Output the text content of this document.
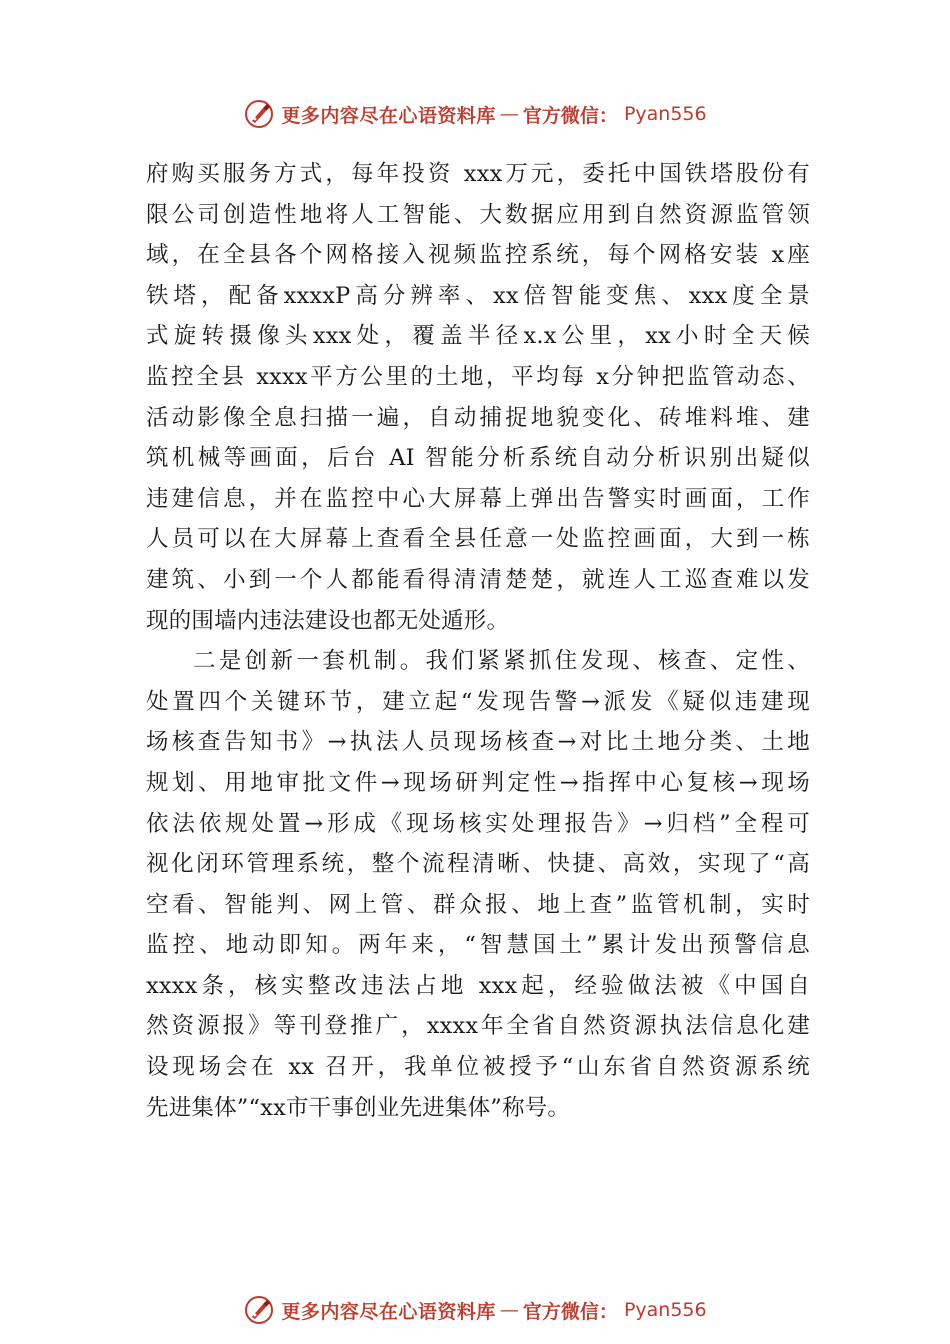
更多内容尽在心语资料库 — 官方微信： Pyan556
府购买服务方式，每年投资 xxx万元，委托中国铁塔股份有
限公司创造性地将人工智能、大数据应用到自然资源监管领
域，在全县各个网格接入视频监控系统，每个网格安装 x座
铁塔，配备xxxxP高分辨率、xx倍智能变焦、xxx度全景
式旋转摄像头xxx处，覆盖半径x.x公里，xx小时全天候
监控全县 xxxx平方公里的土地，平均每 x分钟把监管动态、
活动影像全息扫描一遍，自动捕捉地貌变化、砖堆料堆、建
筑机械等画面，后台 AI 智能分析系统自动分析识别出疑似
违建信息，并在监控中心大屏幕上弹出告警实时画面，工作
人员可以在大屏幕上查看全县任意一处监控画面，大到一栋
建筑、小到一个人都能看得清清楚楚，就连人工巡查难以发
现的围墙内违法建设也都无处遁形。
二是创新一套机制。我们紧紧抓住发现、核查、定性、
处置四个关键环节，建立起“发现告警→派发《疑似违建现
场核查告知书》→执法人员现场核查→对比土地分类、土地
规划、用地审批文件→现场研判定性→指挥中心复核→现场
依法依规处置→形成《现场核实处理报告》→归档”全程可
视化闭环管理系统，整个流程清晰、快捷、高效，实现了“高
空看、智能判、网上管、群众报、地上查”监管机制，实时
监控、地动即知。两年来，“智慧国土”累计发出预警信息
xxxx条，核实整改违法占地 xxx起，经验做法被《中国自
然资源报》等刊登推广，xxxx年全省自然资源执法信息化建
设现场会在 xx 召开，我单位被授予“山东省自然资源系统
先进集体”“xx市干事创业先进集体”称号。
更多内容尽在心语资料库 — 官方微信： Pyan556
